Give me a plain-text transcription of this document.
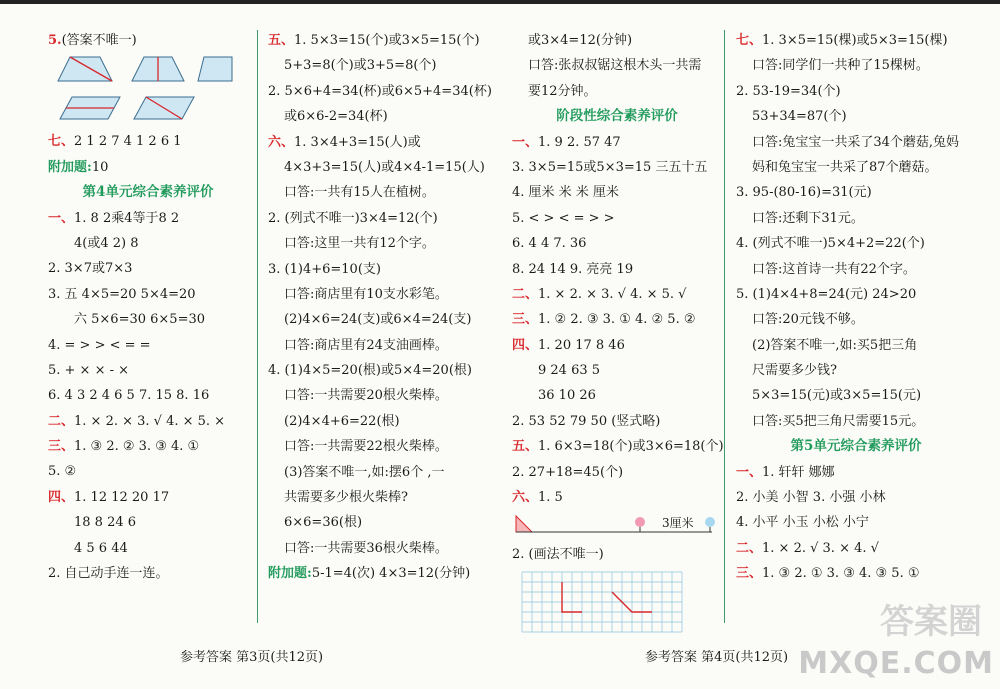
5.(答案不唯一)
七、2 1 2 7 4 1 2 6 1
附加题:10
第4单元综合素养评价
一、1. 8 2乘4等于8 2
4(或4 2) 8
2. 3×7或7×3
3. 五 4×5=20 5×4=20
六 5×6=30 6×5=30
4. = > > < = =
5. + × × - ×
6. 4 3 2 4 6 5 7. 15 8. 16
二、1. × 2. × 3. √ 4. × 5. ×
三、1. ③ 2. ② 3. ③ 4. ①
5. ②
四、1. 12 12 20 17
18 8 24 6
4 5 6 44
2. 自己动手连一连。
五、1. 5×3=15(个)或3×5=15(个)
5+3=8(个)或3+5=8(个)
2. 5×6+4=34(杯)或6×5+4=34(杯)
或6×6-2=34(杯)
六、1. 3×4+3=15(人)或
4×3+3=15(人)或4×4-1=15(人)
口答:一共有15人在植树。
2. (列式不唯一)3×4=12(个)
口答:这里一共有12个字。
3. (1)4+6=10(支)
口答:商店里有10支水彩笔。
(2)4×6=24(支)或6×4=24(支)
口答:商店里有24支油画棒。
4. (1)4×5=20(根)或5×4=20(根)
口答:一共需要20根火柴棒。
(2)4×4+6=22(根)
口答:一共需要22根火柴棒。
(3)答案不唯一,如:摆6个 ,一
共需要多少根火柴棒?
6×6=36(根)
口答:一共需要36根火柴棒。
附加题:5-1=4(次) 4×3=12(分钟)
或3×4=12(分钟)
口答:张叔叔锯这根木头一共需
要12分钟。
阶段性综合素养评价
一、1. 9 2. 57 47
3. 3×5=15或5×3=15 三五十五
4. 厘米 米 米 厘米
5. < > < = > >
6. 4 4 7. 36
8. 24 14 9. 亮亮 19
二、1. × 2. × 3. √ 4. × 5. √
三、1. ② 2. ③ 3. ① 4. ② 5. ②
四、1. 20 17 8 46
9 24 63 5
36 10 26
2. 53 52 79 50 (竖式略)
五、1. 6×3=18(个)或3×6=18(个)
2. 27+18=45(个)
六、1. 5
3厘米
2. (画法不唯一)
七、1. 3×5=15(棵)或5×3=15(棵)
口答:同学们一共种了15棵树。
2. 53-19=34(个)
53+34=87(个)
口答:兔宝宝一共采了34个蘑菇,兔妈
妈和兔宝宝一共采了87个蘑菇。
3. 95-(80-16)=31(元)
口答:还剩下31元。
4. (列式不唯一)5×4+2=22(个)
口答:这首诗一共有22个字。
5. (1)4×4+8=24(元) 24>20
口答:20元钱不够。
(2)答案不唯一,如:买5把三角
尺需要多少钱?
5×3=15(元)或3×5=15(元)
口答:买5把三角尺需要15元。
第5单元综合素养评价
一、1. 轩轩 娜娜
2. 小美 小智 3. 小强 小林
4. 小平 小玉 小松 小宁
二、1. × 2. √ 3. × 4. √
三、1. ③ 2. ① 3. ③ 4. ③ 5. ①
参考答案 第3页(共12页)	参考答案 第4页(共12页)
答案圈
MXQE.COM
